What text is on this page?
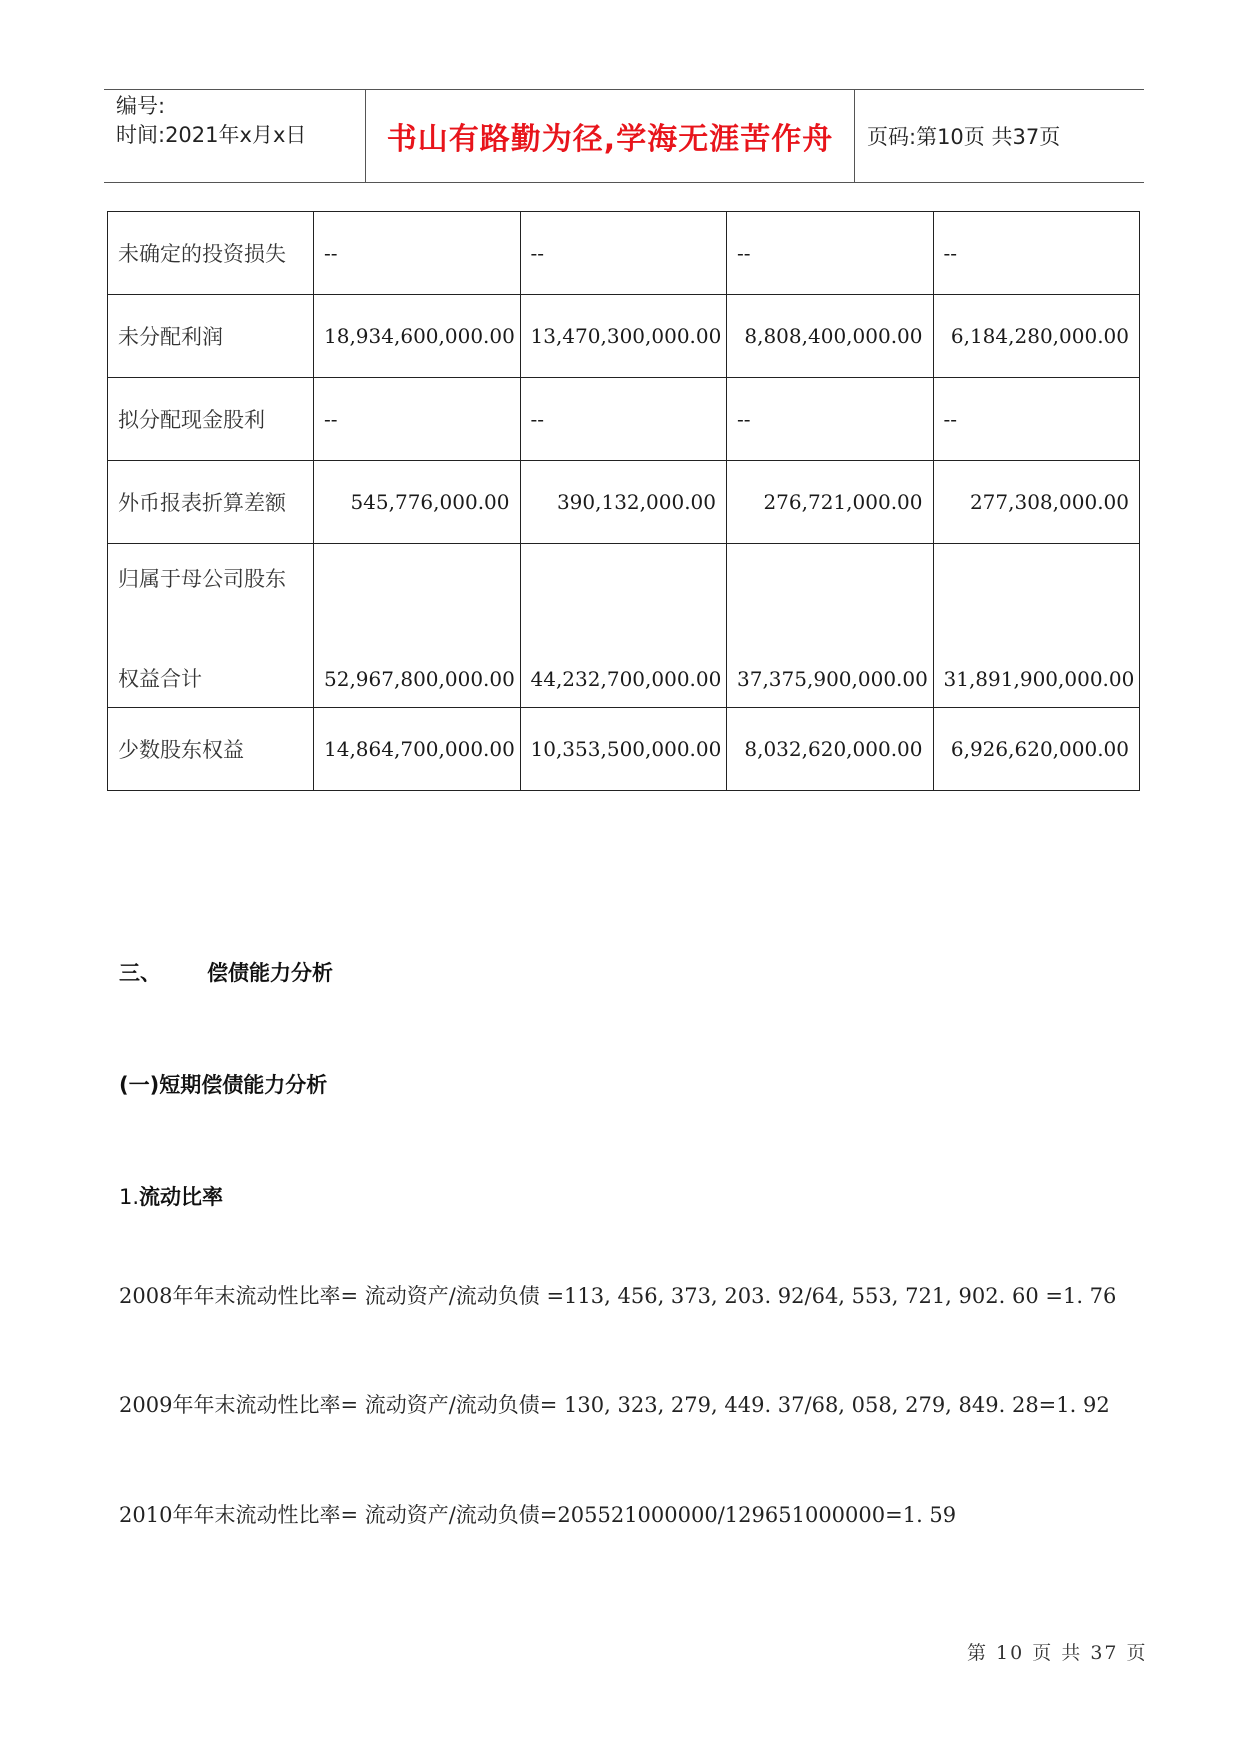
编号:
时间:2021年x月x日	书山有路勤为径,学海无涯苦作舟	页码:第10页 共37页
未确定的投资损失	--	--	--	--
未分配利润	18,934,600,000.00	13,470,300,000.00	8,808,400,000.00	6,184,280,000.00
拟分配现金股利	--	--	--	--
外币报表折算差额	545,776,000.00	390,132,000.00	276,721,000.00	277,308,000.00

归属于母公司股东
权益合计	52,967,800,000.00	44,232,700,000.00	37,375,900,000.00	31,891,900,000.00

少数股东权益	14,864,700,000.00	10,353,500,000.00	8,032,620,000.00	6,926,620,000.00
三、 偿债能力分析
(一)短期偿债能力分析
1.流动比率
2008年年末流动性比率= 流动资产/流动负债 =113, 456, 373, 203. 92/64, 553, 721, 902. 60 =1. 76
2009年年末流动性比率= 流动资产/流动负债= 130, 323, 279, 449. 37/68, 058, 279, 849. 28=1. 92
2010年年末流动性比率= 流动资产/流动负债=205521000000/129651000000=1. 59
第 10 页 共 37 页
